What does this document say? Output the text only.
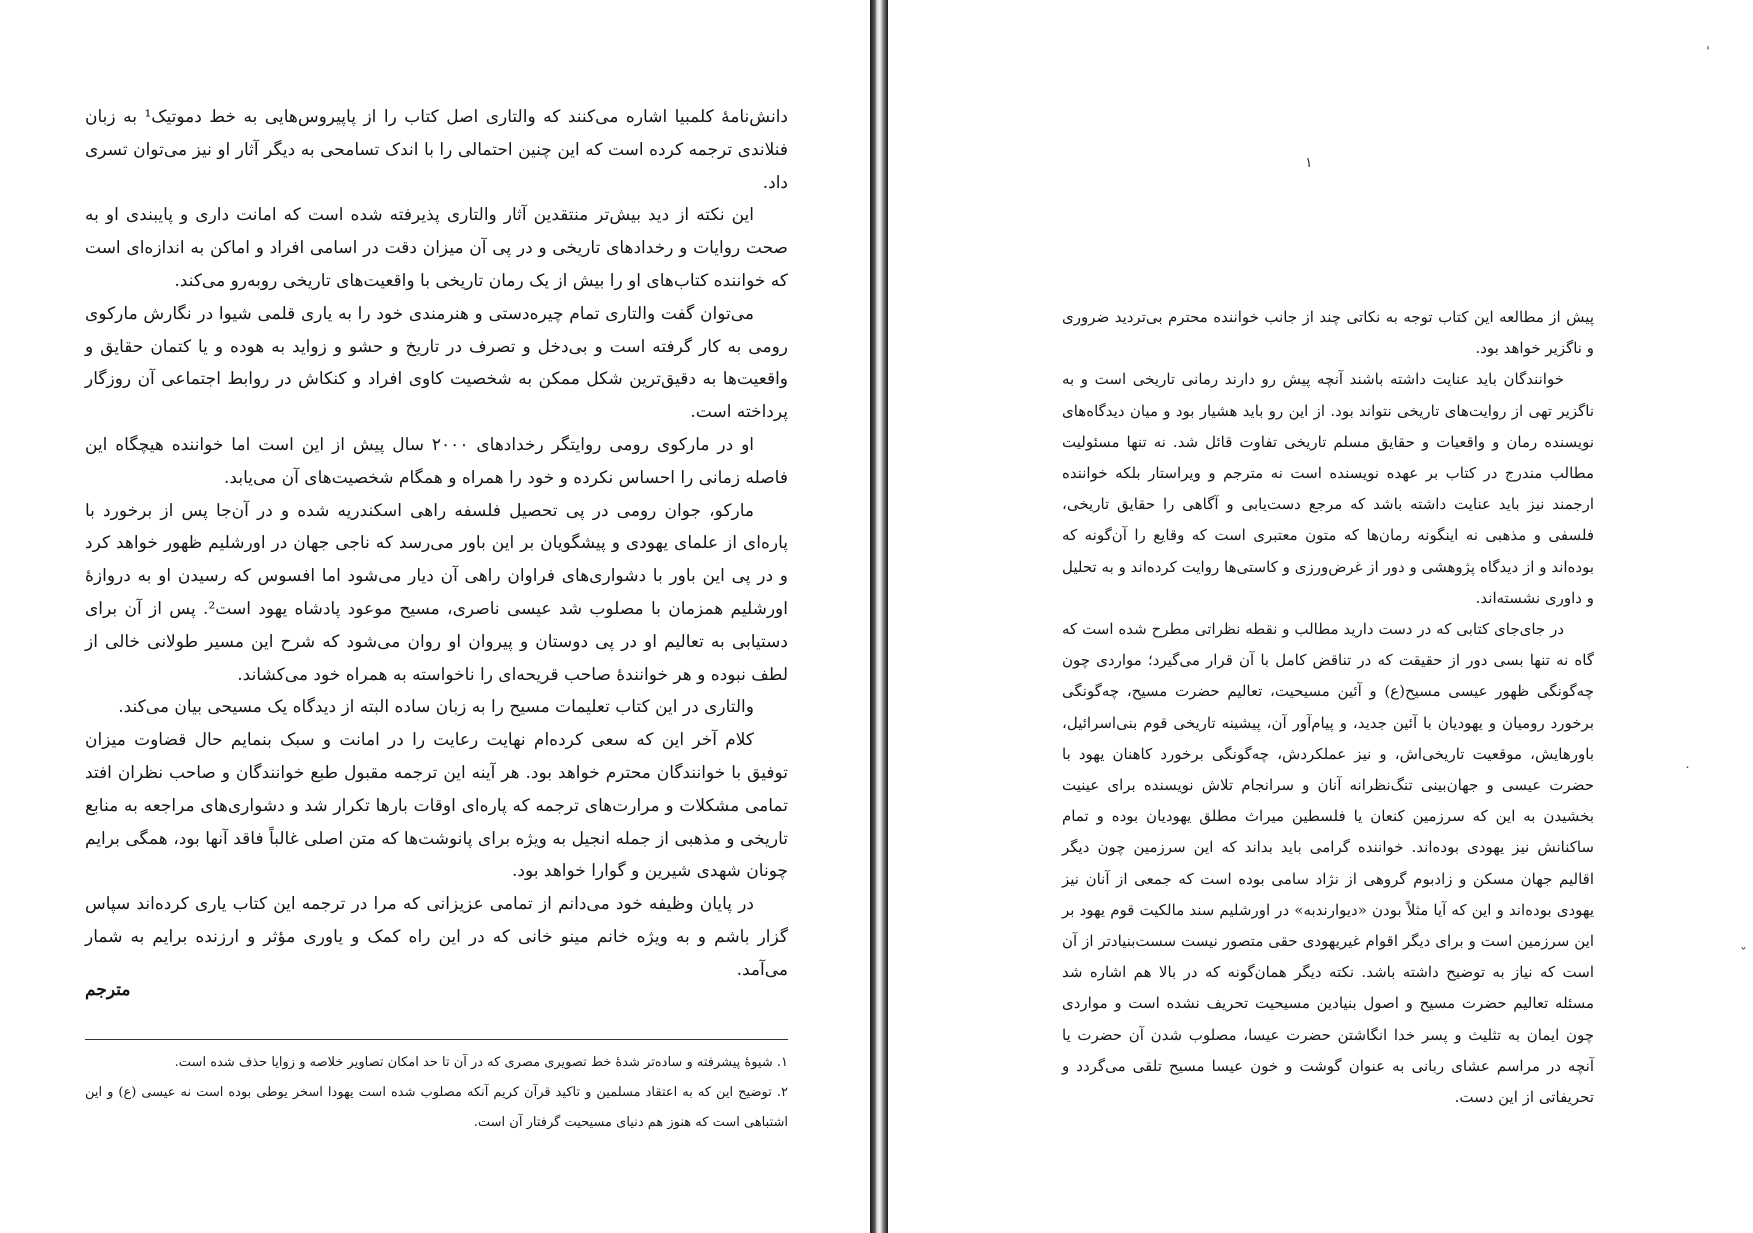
دانش‌نامهٔ کلمبیا اشاره می‌کنند که والتاری اصل کتاب را از پاپیروس‌هایی به خط دموتیک¹ به زبان فنلاندی ترجمه کرده است که این چنین احتمالی را با اندک تسامحی به دیگر آثار او نیز می‌توان تسری داد.

این نکته از دید بیش‌تر منتقدین آثار والتاری پذیرفته شده است که امانت داری و پایبندی او به صحت روایات و رخدادهای تاریخی و در پی آن میزان دقت در اسامی افراد و اماکن به اندازه‌ای است که خواننده کتاب‌های او را بیش از یک رمان تاریخی با واقعیت‌های تاریخی روبه‌رو می‌کند.

می‌توان گفت والتاری تمام چیره‌دستی و هنرمندی خود را به یاری قلمی شیوا در نگارش مارکوی رومی به کار گرفته است و بی‌دخل و تصرف در تاریخ و حشو و زواید به هوده و یا کتمان حقایق و واقعیت‌ها به دقیق‌ترین شکل ممکن به شخصیت کاوی افراد و کنکاش در روابط اجتماعی آن روزگار پرداخته است.

او در مارکوی رومی روایتگر رخدادهای ۲۰۰۰ سال پیش از این است اما خواننده هیچگاه این فاصله زمانی را احساس نکرده و خود را همراه و همگام شخصیت‌های آن می‌یابد.

مارکو، جوان رومی در پی تحصیل فلسفه راهی اسکندریه شده و در آن‌جا پس از برخورد با پاره‌ای از علمای یهودی و پیشگویان بر این باور می‌رسد که ناجی جهان در اورشلیم ظهور خواهد کرد و در پی این باور با دشواری‌های فراوان راهی آن دیار می‌شود اما افسوس که رسیدن او به دروازهٔ اورشلیم همزمان با مصلوب شد عیسی ناصری، مسیح موعود پادشاه یهود است². پس از آن برای دستیابی به تعالیم او در پی دوستان و پیروان او روان می‌شود که شرح این مسیر طولانی خالی از لطف نبوده و هر خوانندهٔ صاحب قریحه‌ای را ناخواسته به همراه خود می‌کشاند.

والتاری در این کتاب تعلیمات مسیح را به زبان ساده البته از دیدگاه یک مسیحی بیان می‌کند.

کلام آخر این که سعی کرده‌ام نهایت رعایت را در امانت و سبک بنمایم حال قضاوت میزان توفیق با خوانندگان محترم خواهد بود. هر آینه این ترجمه مقبول طبع خوانندگان و صاحب نظران افتد تمامی مشکلات و مرارت‌های ترجمه که پاره‌ای اوقات بارها تکرار شد و دشواری‌های مراجعه به منابع تاریخی و مذهبی از جمله انجیل به ویژه برای پانوشت‌ها که متن اصلی غالباً فاقد آنها بود، همگی برایم چونان شهدی شیرین و گوارا خواهد بود.

در پایان وظیفه خود می‌دانم از تمامی عزیزانی که مرا در ترجمه این کتاب یاری کرده‌اند سپاس گزار باشم و به ویژه خانم مینو خانی که در این راه کمک و یاوری مؤثر و ارزنده برایم به شمار می‌آمد.

مترجم

۱. شیوهٔ پیشرفته و ساده‌تر شدهٔ خط تصویری مصری که در آن تا حد امکان تصاویر خلاصه و زوایا حذف شده است.

۲. توضیح این که به اعتقاد مسلمین و تاکید قرآن کریم آنکه مصلوب شده است یهودا اسخر یوطی بوده است نه عیسی (ع) و این اشتباهی است که هنوز هم دنیای مسیحیت گرفتار آن است.

۱

پیش از مطالعه این کتاب توجه به نکاتی چند از جانب خواننده محترم بی‌تردید ضروری و ناگزیر خواهد بود.

خوانندگان باید عنایت داشته باشند آنچه پیش رو دارند رمانی تاریخی است و به ناگزیر تهی از روایت‌های تاریخی نتواند بود. از این رو باید هشیار بود و میان دیدگاه‌های نویسنده رمان و واقعیات و حقایق مسلم تاریخی تفاوت قائل شد. نه تنها مسئولیت مطالب مندرج در کتاب بر عهده نویسنده است نه مترجم و ویراستار بلکه خواننده ارجمند نیز باید عنایت داشته باشد که مرجع دست‌یابی و آگاهی را حقایق تاریخی، فلسفی و مذهبی نه اینگونه رمان‌ها که متون معتبری است که وقایع را آن‌گونه که بوده‌اند و از دیدگاه پژوهشی و دور از غرض‌ورزی و کاستی‌ها روایت کرده‌اند و به تحلیل و داوری نشسته‌اند.

در جای‌جای کتابی که در دست دارید مطالب و نقطه نظراتی مطرح شده است که گاه نه تنها بسی دور از حقیقت که در تناقض کامل با آن قرار می‌گیرد؛ مواردی چون چه‌گونگی ظهور عیسی مسیح(ع) و آئین مسیحیت، تعالیم حضرت مسیح، چه‌گونگی برخورد رومیان و یهودیان با آئین جدید، و پیام‌آور آن، پیشینه تاریخی قوم بنی‌اسرائیل، باورهایش، موقعیت تاریخی‌اش، و نیز عملکردش، چه‌گونگی برخورد کاهنان یهود با حضرت عیسی و جهان‌بینی تنگ‌نظرانه آنان و سرانجام تلاش نویسنده برای عینیت بخشیدن به این که سرزمین کنعان یا فلسطین میراث مطلق یهودیان بوده و تمام ساکنانش نیز یهودی بوده‌اند. خواننده گرامی باید بداند که این سرزمین چون دیگر اقالیم جهان مسکن و زادبوم گروهی از نژاد سامی بوده است که جمعی از آنان نیز یهودی بوده‌اند و این که آیا مثلاً بودن «دیوارندبه» در اورشلیم سند مالکیت قوم یهود بر این سرزمین است و برای دیگر اقوام غیریهودی حقی متصور نیست سست‌بنیادتر از آن است که نیاز به توضیح داشته باشد. نکته دیگر همان‌گونه که در بالا هم اشاره شد مسئله تعالیم حضرت مسیح و اصول بنیادین مسیحیت تحریف نشده است و مواردی چون ایمان به تثلیث و پسر خدا انگاشتن حضرت عیسا، مصلوب شدن آن حضرت یا آنچه در مراسم عشای ربانی به عنوان گوشت و خون عیسا مسیح تلقی می‌گردد و تحریفاتی از این دست.

˙
ˇ
ˈ
